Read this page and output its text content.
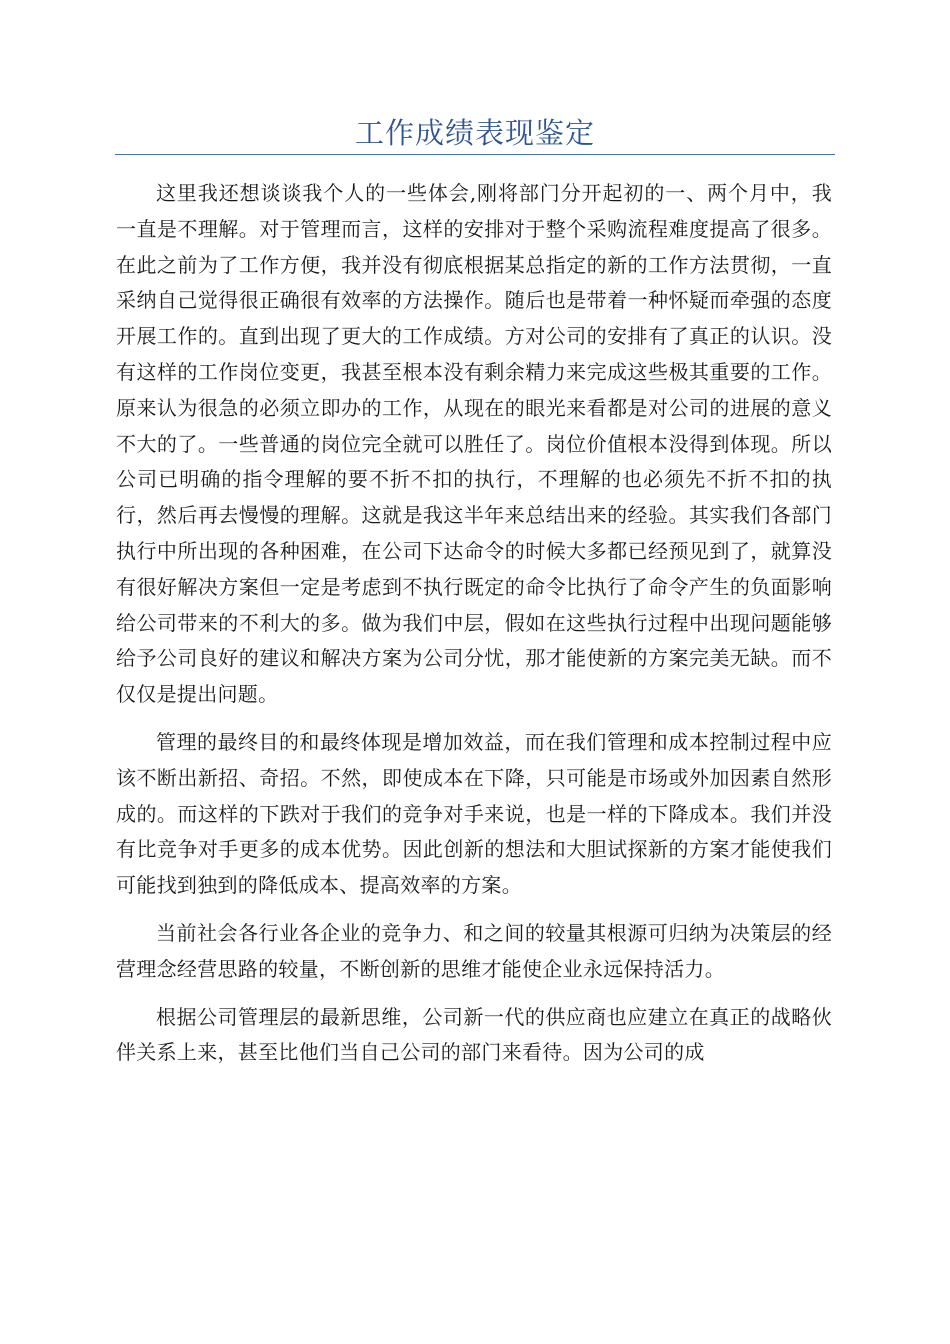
工作成绩表现鉴定

这里我还想谈谈我个人的一些体会,刚将部门分开起初的一、两个月中，我一直是不理解。对于管理而言，这样的安排对于整个采购流程难度提高了很多。在此之前为了工作方便，我并没有彻底根据某总指定的新的工作方法贯彻，一直采纳自己觉得很正确很有效率的方法操作。随后也是带着一种怀疑而牵强的态度开展工作的。直到出现了更大的工作成绩。方对公司的安排有了真正的认识。没有这样的工作岗位变更，我甚至根本没有剩余精力来完成这些极其重要的工作。原来认为很急的必须立即办的工作，从现在的眼光来看都是对公司的进展的意义不大的了。一些普通的岗位完全就可以胜任了。岗位价值根本没得到体现。所以公司已明确的指令理解的要不折不扣的执行，不理解的也必须先不折不扣的执行，然后再去慢慢的理解。这就是我这半年来总结出来的经验。其实我们各部门执行中所出现的各种困难，在公司下达命令的时候大多都已经预见到了，就算没有很好解决方案但一定是考虑到不执行既定的命令比执行了命令产生的负面影响给公司带来的不利大的多。做为我们中层，假如在这些执行过程中出现问题能够给予公司良好的建议和解决方案为公司分忧，那才能使新的方案完美无缺。而不仅仅是提出问题。

管理的最终目的和最终体现是增加效益，而在我们管理和成本控制过程中应该不断出新招、奇招。不然，即使成本在下降，只可能是市场或外加因素自然形成的。而这样的下跌对于我们的竞争对手来说，也是一样的下降成本。我们并没有比竞争对手更多的成本优势。因此创新的想法和大胆试探新的方案才能使我们可能找到独到的降低成本、提高效率的方案。

当前社会各行业各企业的竞争力、和之间的较量其根源可归纳为决策层的经营理念经营思路的较量，不断创新的思维才能使企业永远保持活力。

根据公司管理层的最新思维，公司新一代的供应商也应建立在真正的战略伙伴关系上来，甚至比他们当自己公司的部门来看待。因为公司的成
